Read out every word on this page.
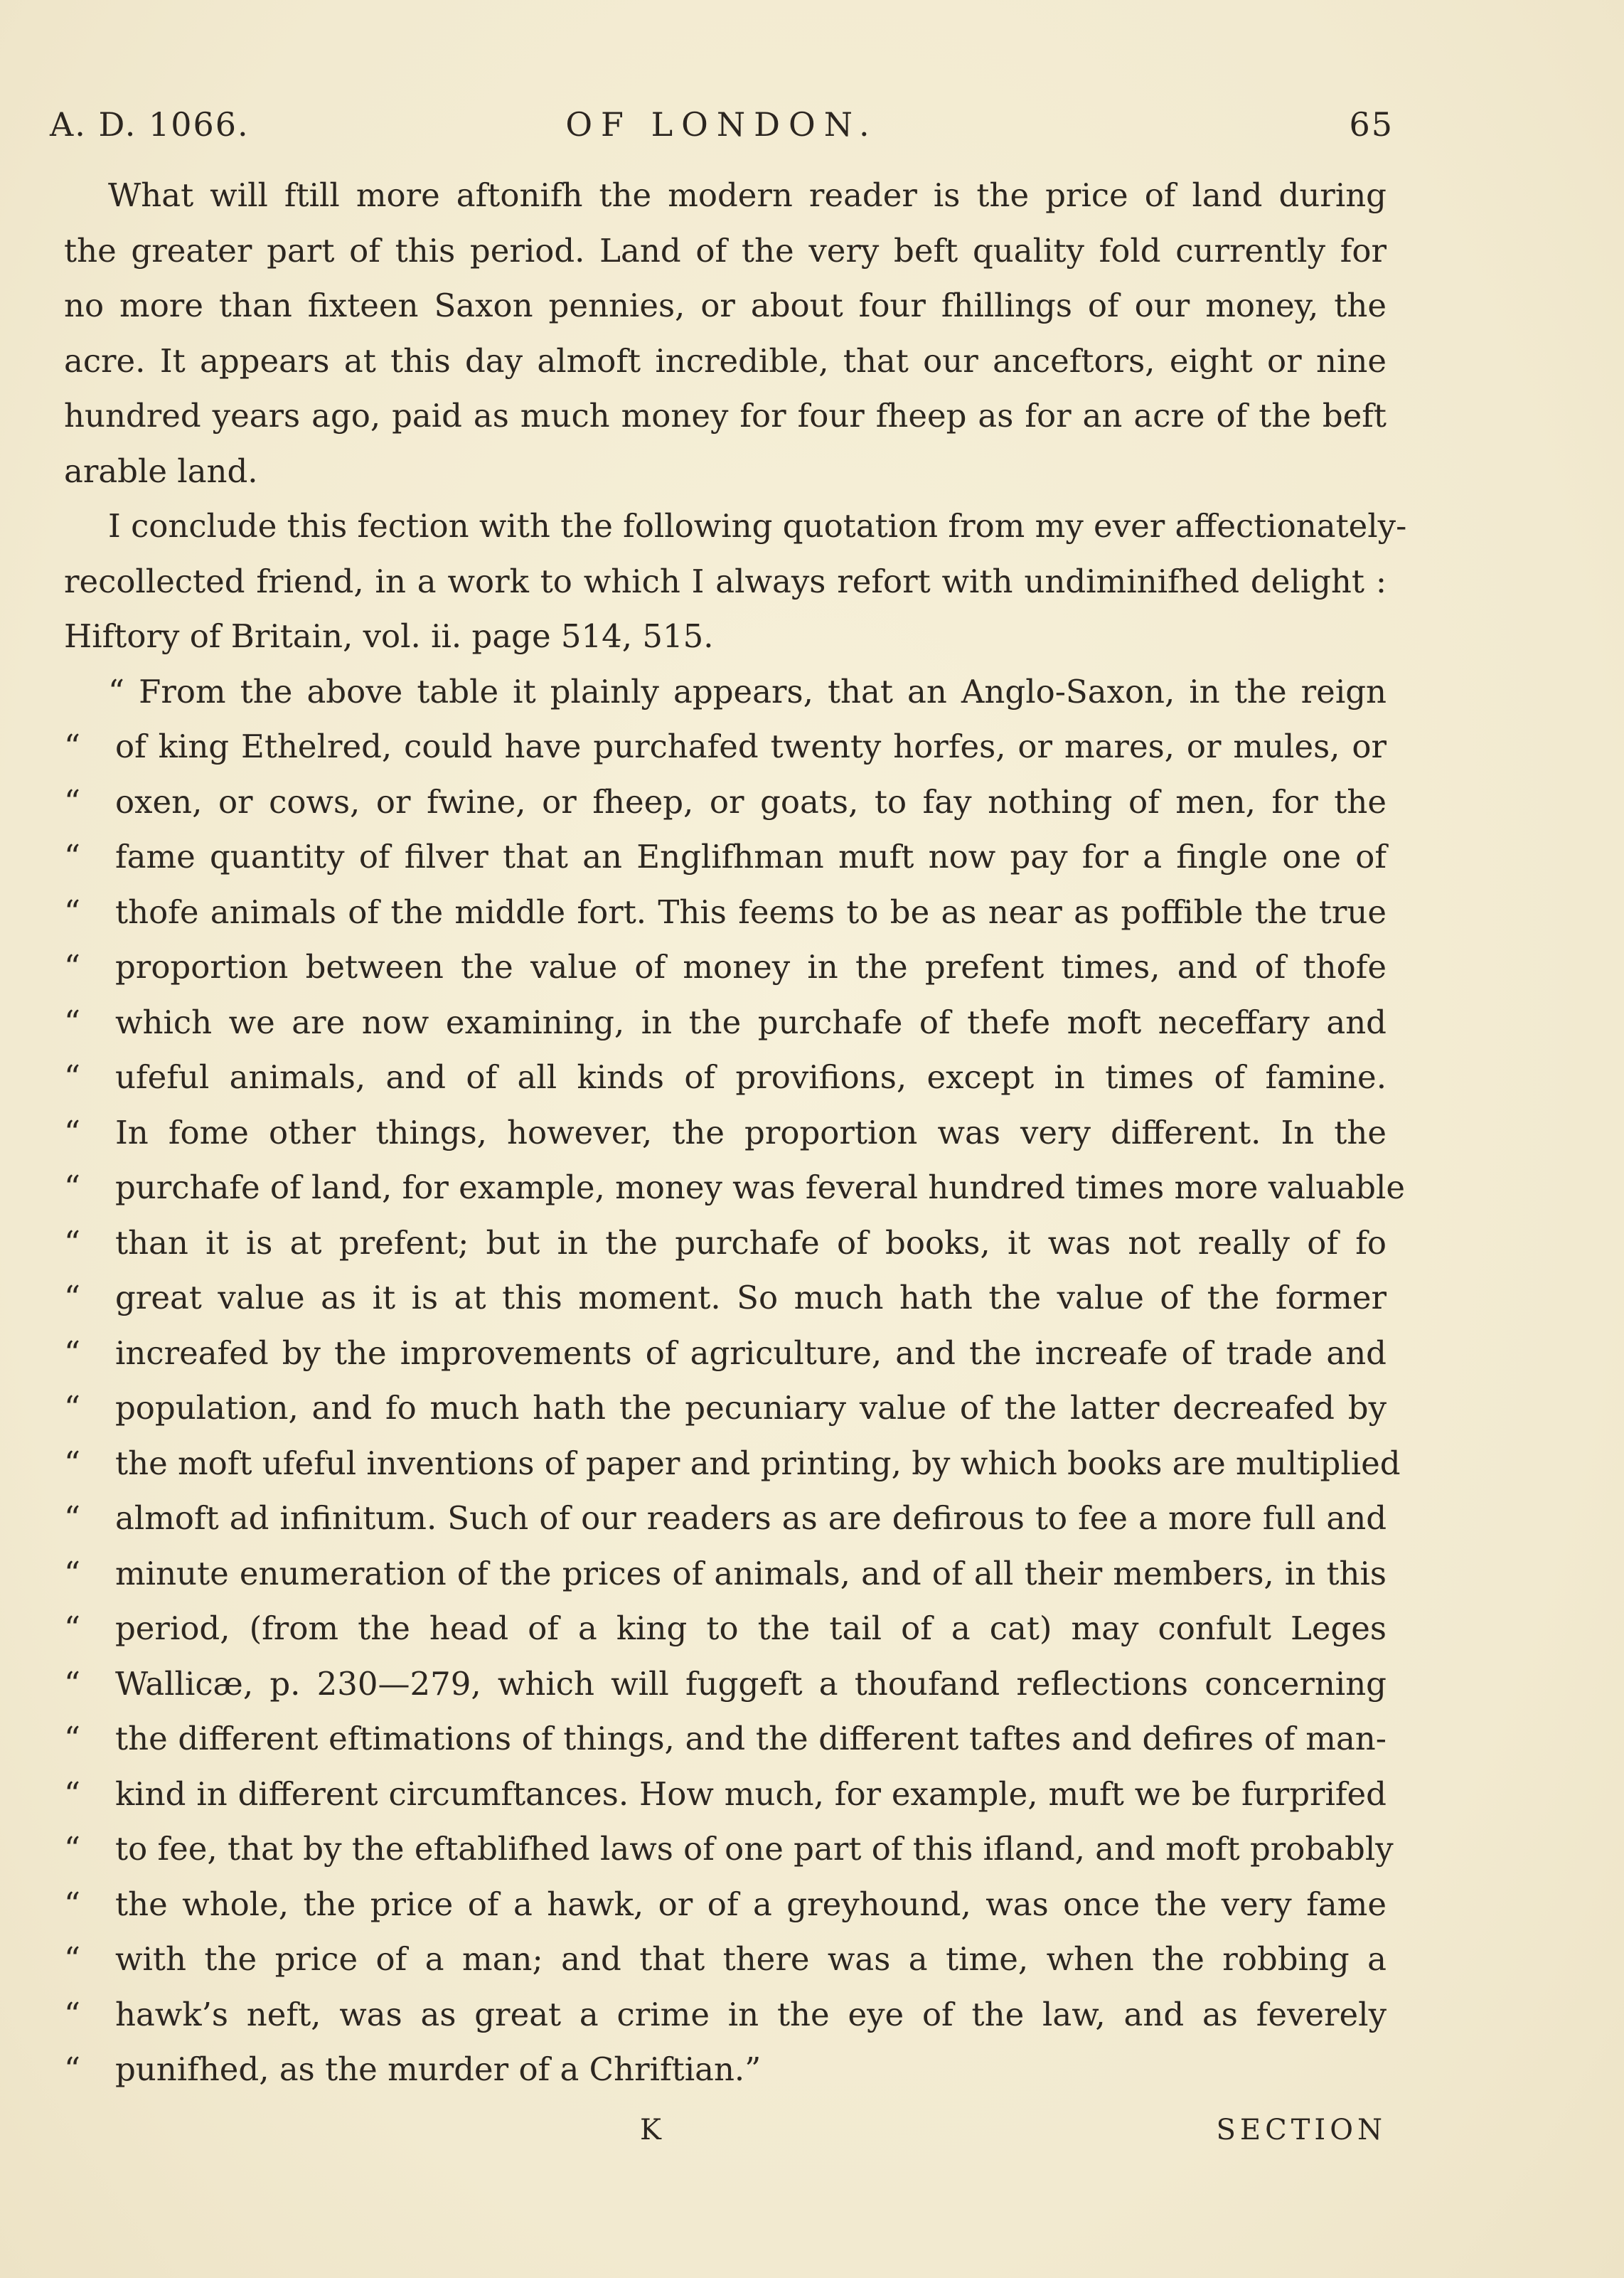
A. D. 1066.	OF LONDON.	65
What will ftill more aftonifh the modern reader is the price of land during
the greater part of this period. Land of the very beft quality fold currently for
no more than fixteen Saxon pennies, or about four fhillings of our money, the
acre. It appears at this day almoft incredible, that our anceftors, eight or nine
hundred years ago, paid as much money for four fheep as for an acre of the beft
arable land.
I conclude this fection with the following quotation from my ever affectionately-
recollected friend, in a work to which I always refort with undiminifhed delight :
Hiftory of Britain, vol. ii. page 514, 515.
“ From the above table it plainly appears, that an Anglo-Saxon, in the reign
“	of king Ethelred, could have purchafed twenty horfes, or mares, or mules, or
“	oxen, or cows, or fwine, or fheep, or goats, to fay nothing of men, for the
“	fame quantity of filver that an Englifhman muft now pay for a fingle one of
“	thofe animals of the middle fort. This feems to be as near as poffible the true
“	proportion between the value of money in the prefent times, and of thofe
“	which we are now examining, in the purchafe of thefe moft neceffary and
“	ufeful animals, and of all kinds of provifions, except in times of famine.
“	In fome other things, however, the proportion was very different. In the
“	purchafe of land, for example, money was feveral hundred times more valuable
“	than it is at prefent; but in the purchafe of books, it was not really of fo
“	great value as it is at this moment. So much hath the value of the former
“	increafed by the improvements of agriculture, and the increafe of trade and
“	population, and fo much hath the pecuniary value of the latter decreafed by
“	the moft ufeful inventions of paper and printing, by which books are multiplied
“	almoft ad infinitum. Such of our readers as are defirous to fee a more full and
“	minute enumeration of the prices of animals, and of all their members, in this
“	period, (from the head of a king to the tail of a cat) may confult Leges
“	Wallicæ, p. 230—279, which will fuggeft a thoufand reflections concerning
“	the different eftimations of things, and the different taftes and defires of man-
“	kind in different circumftances. How much, for example, muft we be furprifed
“	to fee, that by the eftablifhed laws of one part of this ifland, and moft probably
“	the whole, the price of a hawk, or of a greyhound, was once the very fame
“	with the price of a man; and that there was a time, when the robbing a
“	hawk’s neft, was as great a crime in the eye of the law, and as feverely
“	punifhed, as the murder of a Chriftian.”
K	SECTION
